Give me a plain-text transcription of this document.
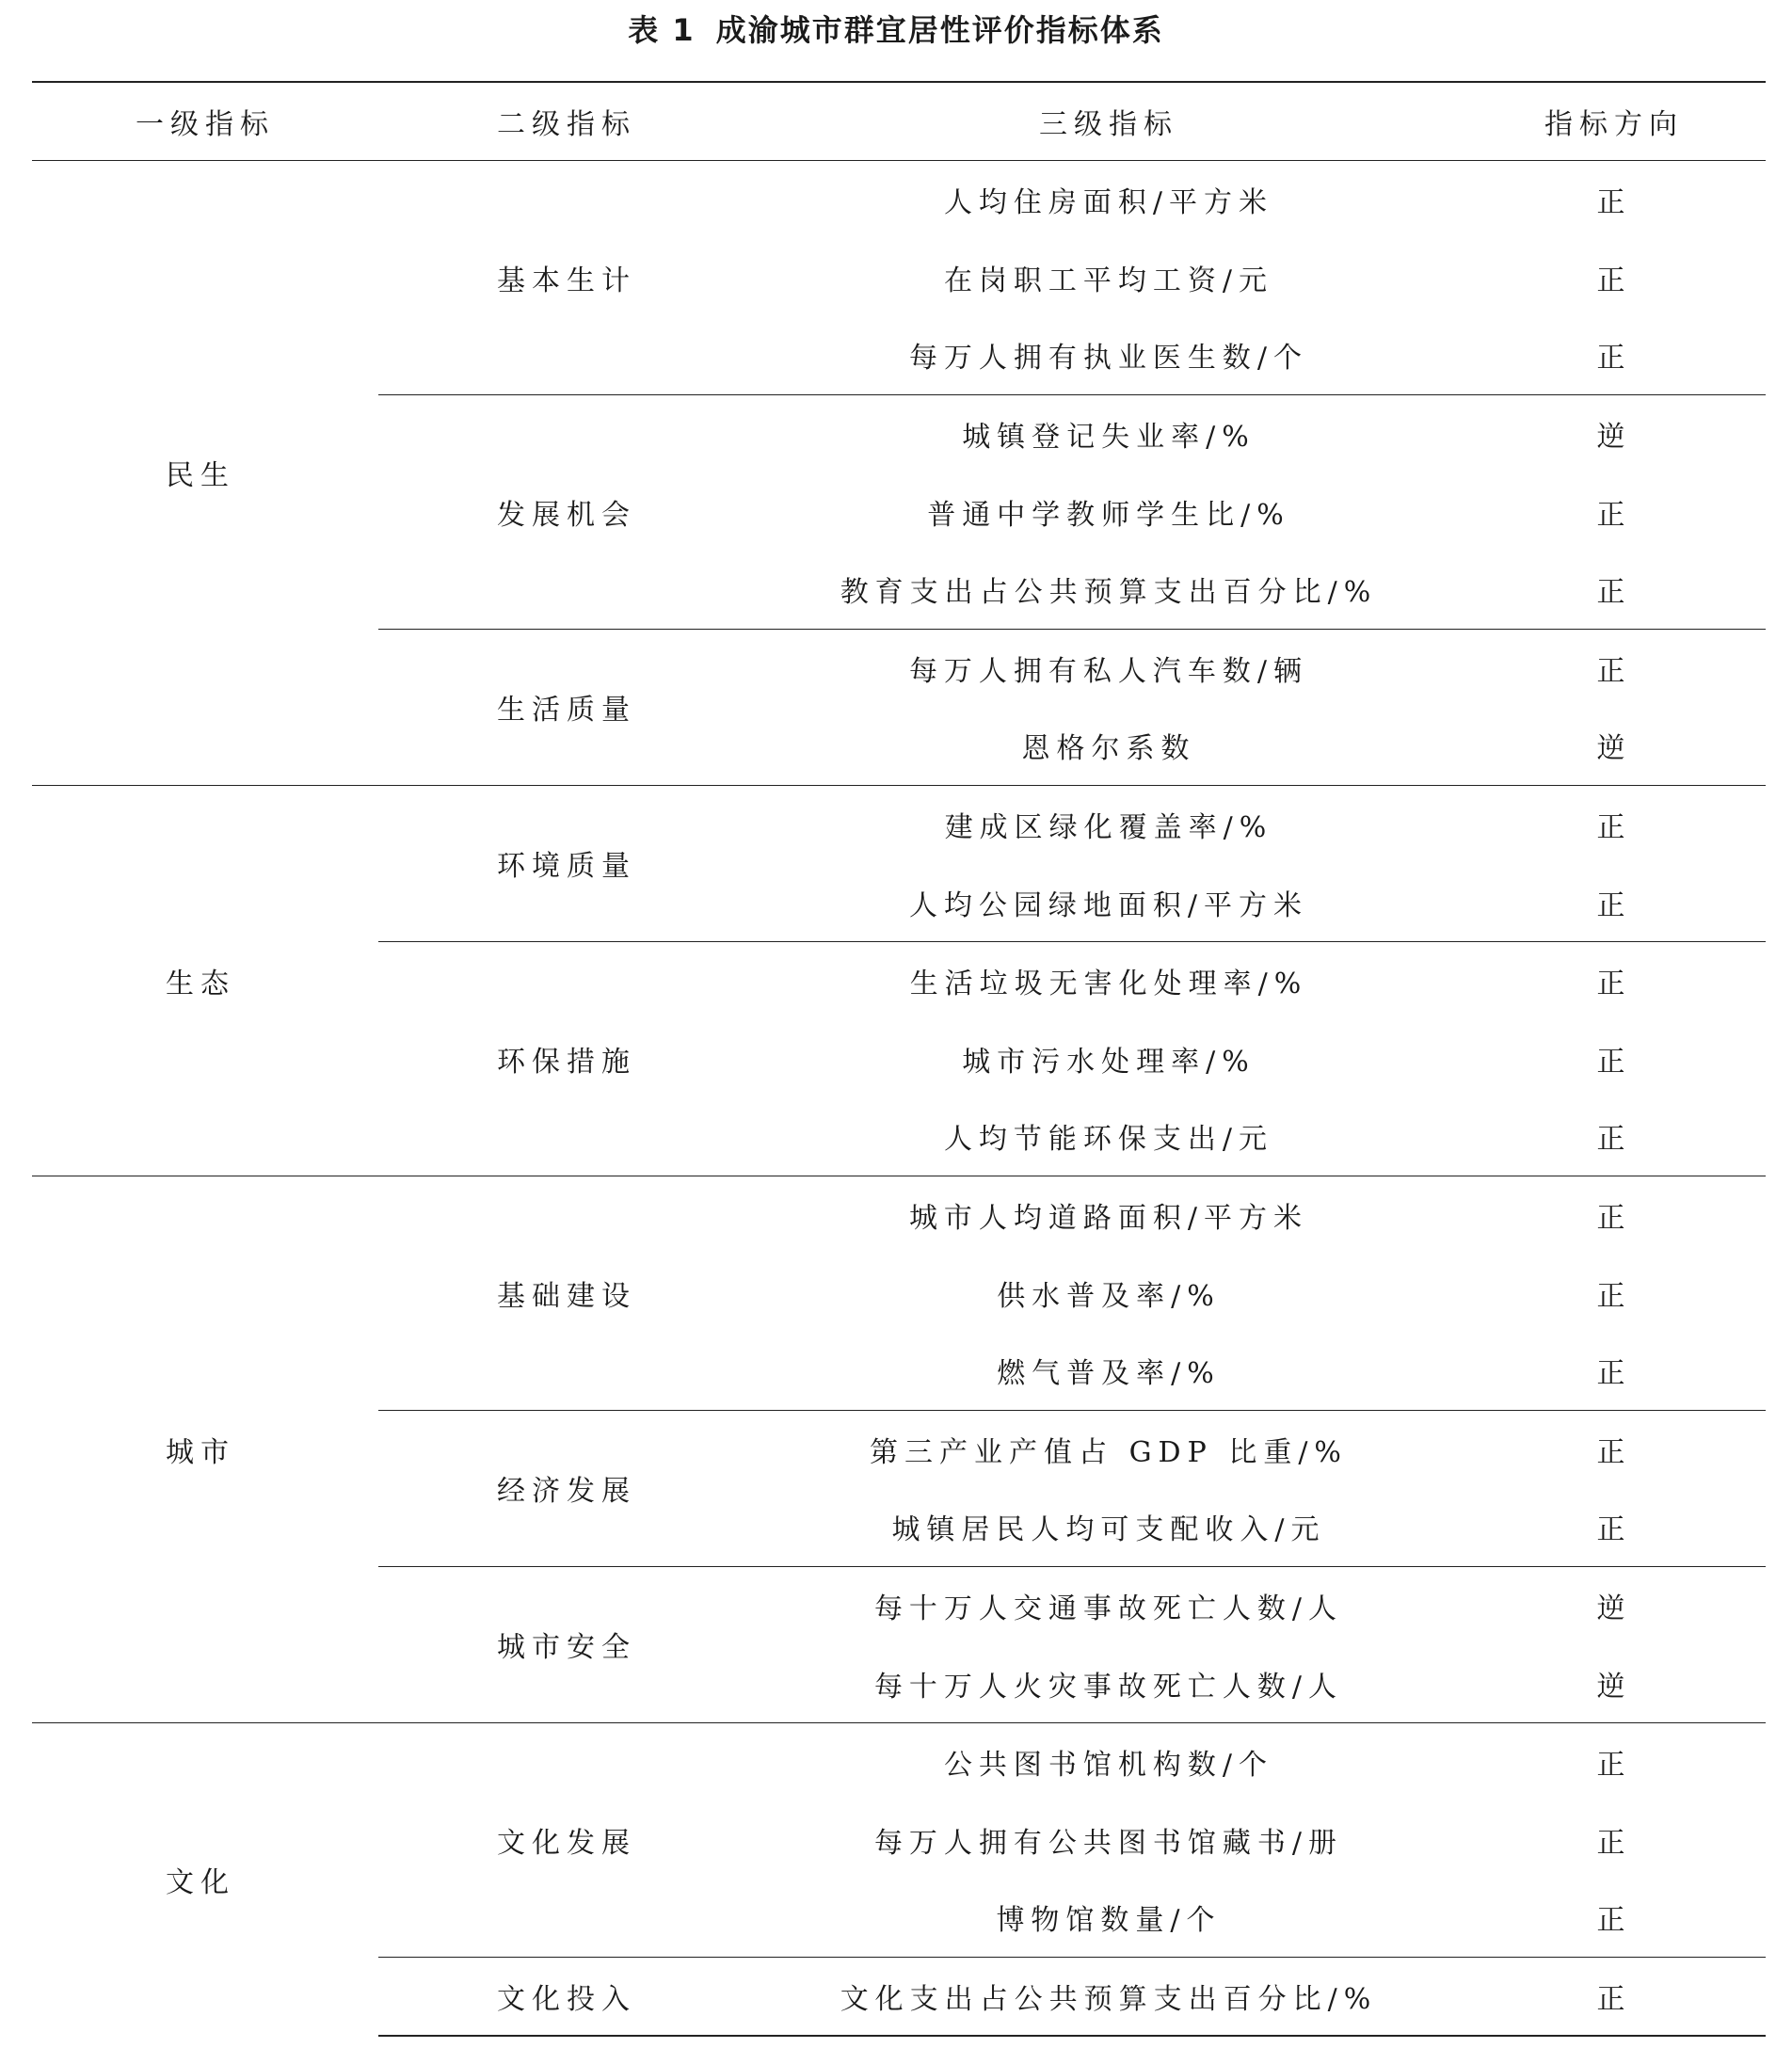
表 1 成渝城市群宜居性评价指标体系
一级指标	二级指标	三级指标	指标方向
民生	基本生计	人均住房面积/平方米	正
		在岗职工平均工资/元	正
		每万人拥有执业医生数/个	正
	发展机会	城镇登记失业率/%	逆
		普通中学教师学生比/%	正
		教育支出占公共预算支出百分比/%	正
	生活质量	每万人拥有私人汽车数/辆	正
		恩格尔系数	逆
生态	环境质量	建成区绿化覆盖率/%	正
		人均公园绿地面积/平方米	正
	环保措施	生活垃圾无害化处理率/%	正
		城市污水处理率/%	正
		人均节能环保支出/元	正
城市	基础建设	城市人均道路面积/平方米	正
		供水普及率/%	正
		燃气普及率/%	正
	经济发展	第三产业产值占 GDP 比重/%	正
		城镇居民人均可支配收入/元	正
	城市安全	每十万人交通事故死亡人数/人	逆
		每十万人火灾事故死亡人数/人	逆
文化	文化发展	公共图书馆机构数/个	正
		每万人拥有公共图书馆藏书/册	正
		博物馆数量/个	正
	文化投入	文化支出占公共预算支出百分比/%	正
